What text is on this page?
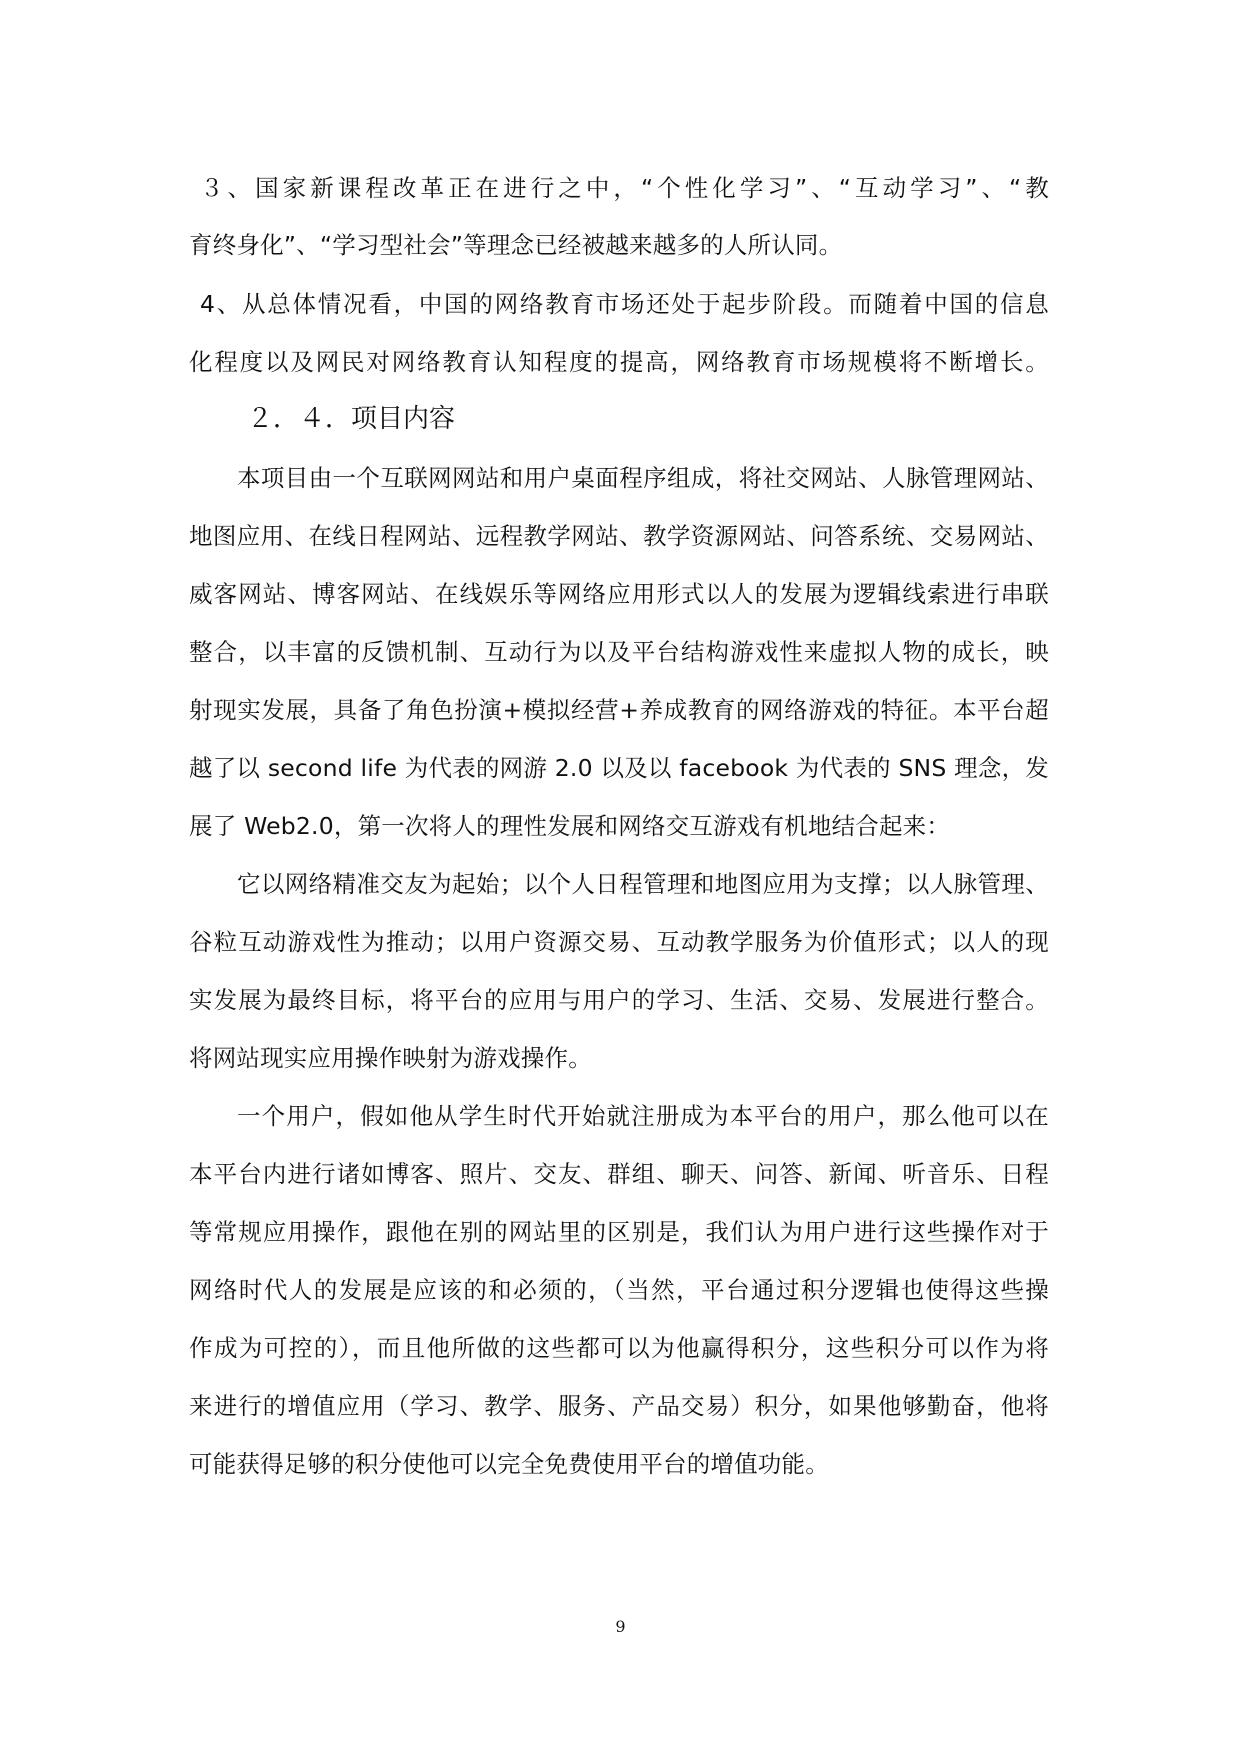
３、国家新课程改革正在进行之中，“个性化学习”、“互动学习”、“教
育终身化”、“学习型社会”等理念已经被越来越多的人所认同。
4、从总体情况看，中国的网络教育市场还处于起步阶段。而随着中国的信息
化程度以及网民对网络教育认知程度的提高，网络教育市场规模将不断增长。
２．４．项目内容
本项目由一个互联网网站和用户桌面程序组成，将社交网站、人脉管理网站、
地图应用、在线日程网站、远程教学网站、教学资源网站、问答系统、交易网站、
威客网站、博客网站、在线娱乐等网络应用形式以人的发展为逻辑线索进行串联
整合，以丰富的反馈机制、互动行为以及平台结构游戏性来虚拟人物的成长，映
射现实发展，具备了角色扮演+模拟经营+养成教育的网络游戏的特征。本平台超
越了以 second life 为代表的网游 2.0 以及以 facebook 为代表的 SNS 理念，发
展了 Web2.0，第一次将人的理性发展和网络交互游戏有机地结合起来：
它以网络精准交友为起始；以个人日程管理和地图应用为支撑；以人脉管理、
谷粒互动游戏性为推动；以用户资源交易、互动教学服务为价值形式；以人的现
实发展为最终目标，将平台的应用与用户的学习、生活、交易、发展进行整合。
将网站现实应用操作映射为游戏操作。
一个用户，假如他从学生时代开始就注册成为本平台的用户，那么他可以在
本平台内进行诸如博客、照片、交友、群组、聊天、问答、新闻、听音乐、日程
等常规应用操作，跟他在别的网站里的区别是，我们认为用户进行这些操作对于
网络时代人的发展是应该的和必须的，（当然，平台通过积分逻辑也使得这些操
作成为可控的），而且他所做的这些都可以为他赢得积分，这些积分可以作为将
来进行的增值应用（学习、教学、服务、产品交易）积分，如果他够勤奋，他将
可能获得足够的积分使他可以完全免费使用平台的增值功能。
9
